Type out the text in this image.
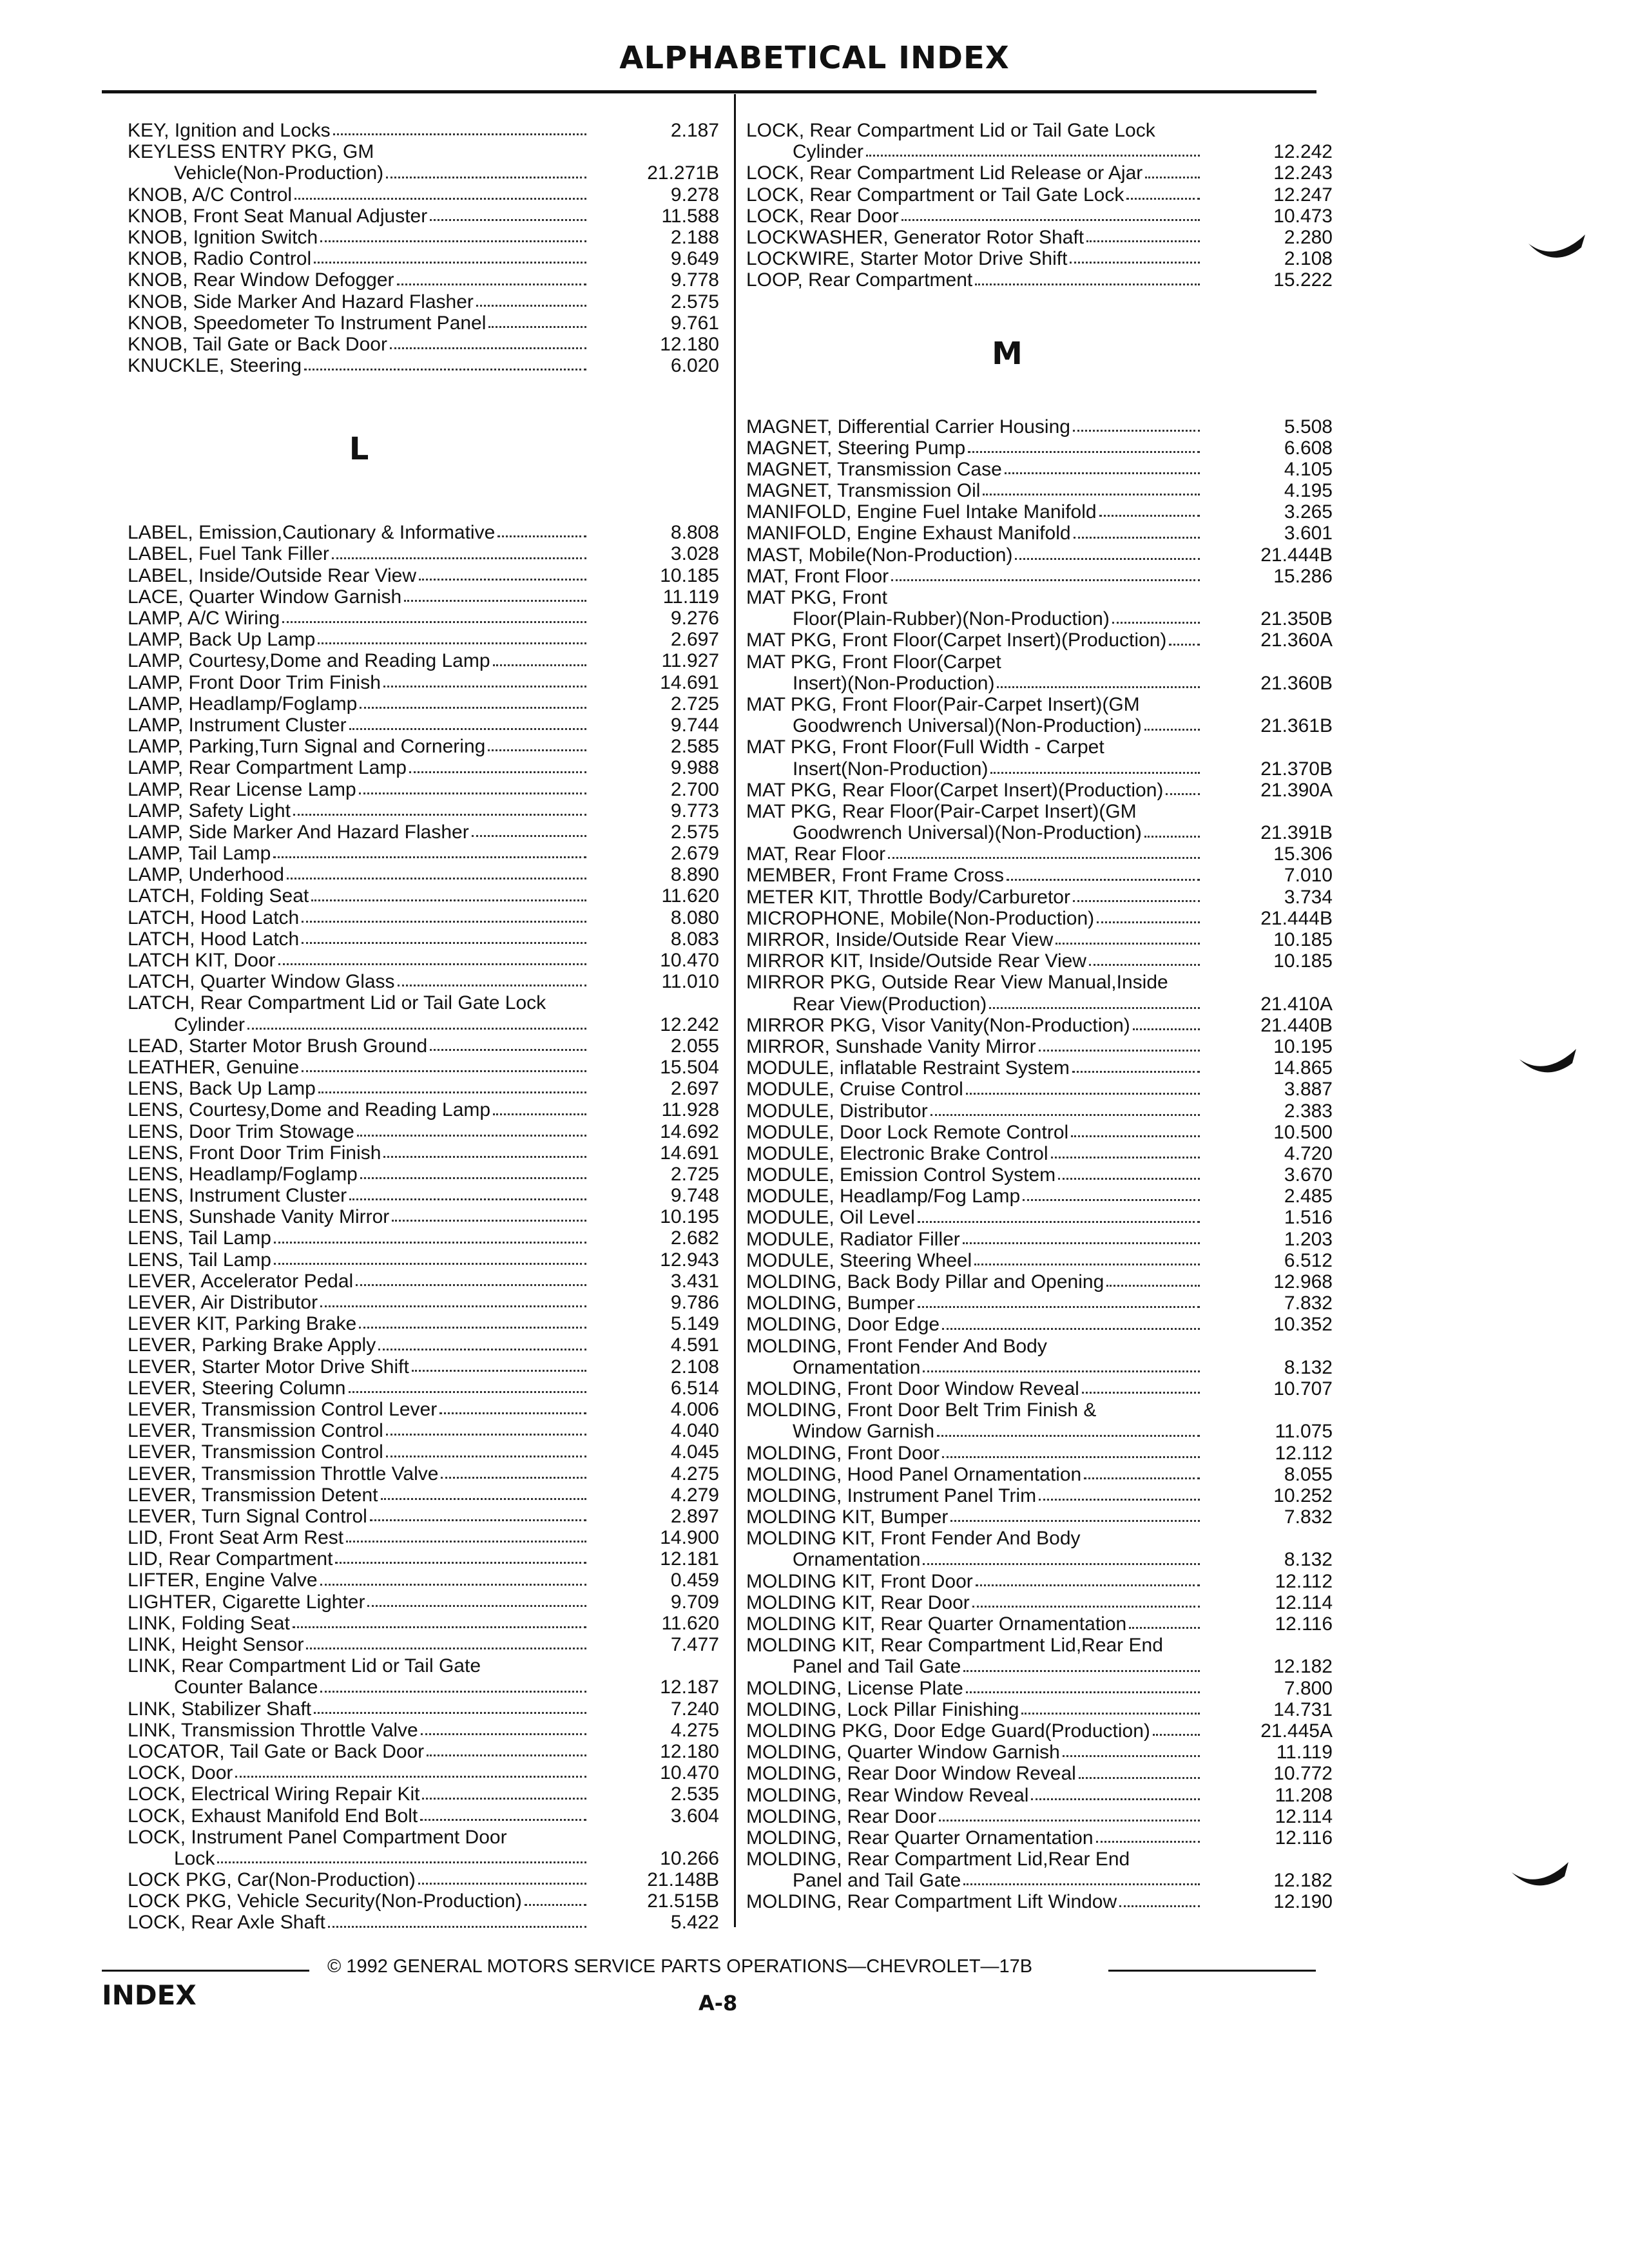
ALPHABETICAL INDEX
KEY, Ignition and Locks	2.187
KEYLESS ENTRY PKG, GM
Vehicle(Non-Production)	21.271B
KNOB, A/C Control	9.278
KNOB, Front Seat Manual Adjuster	11.588
KNOB, Ignition Switch	2.188
KNOB, Radio Control	9.649
KNOB, Rear Window Defogger	9.778
KNOB, Side Marker And Hazard Flasher	2.575
KNOB, Speedometer To Instrument Panel	9.761
KNOB, Tail Gate or Back Door	12.180
KNUCKLE, Steering	6.020
L
LABEL, Emission,Cautionary & Informative	8.808
LABEL, Fuel Tank Filler	3.028
LABEL, Inside/Outside Rear View	10.185
LACE, Quarter Window Garnish	11.119
LAMP, A/C Wiring	9.276
LAMP, Back Up Lamp	2.697
LAMP, Courtesy,Dome and Reading Lamp	11.927
LAMP, Front Door Trim Finish	14.691
LAMP, Headlamp/Foglamp	2.725
LAMP, Instrument Cluster	9.744
LAMP, Parking,Turn Signal and Cornering	2.585
LAMP, Rear Compartment Lamp	9.988
LAMP, Rear License Lamp	2.700
LAMP, Safety Light	9.773
LAMP, Side Marker And Hazard Flasher	2.575
LAMP, Tail Lamp	2.679
LAMP, Underhood	8.890
LATCH, Folding Seat	11.620
LATCH, Hood Latch	8.080
LATCH, Hood Latch	8.083
LATCH KIT, Door	10.470
LATCH, Quarter Window Glass	11.010
LATCH, Rear Compartment Lid or Tail Gate Lock
Cylinder	12.242
LEAD, Starter Motor Brush Ground	2.055
LEATHER, Genuine	15.504
LENS, Back Up Lamp	2.697
LENS, Courtesy,Dome and Reading Lamp	11.928
LENS, Door Trim Stowage	14.692
LENS, Front Door Trim Finish	14.691
LENS, Headlamp/Foglamp	2.725
LENS, Instrument Cluster	9.748
LENS, Sunshade Vanity Mirror	10.195
LENS, Tail Lamp	2.682
LENS, Tail Lamp	12.943
LEVER, Accelerator Pedal	3.431
LEVER, Air Distributor	9.786
LEVER KIT, Parking Brake	5.149
LEVER, Parking Brake Apply	4.591
LEVER, Starter Motor Drive Shift	2.108
LEVER, Steering Column	6.514
LEVER, Transmission Control Lever	4.006
LEVER, Transmission Control	4.040
LEVER, Transmission Control	4.045
LEVER, Transmission Throttle Valve	4.275
LEVER, Transmission Detent	4.279
LEVER, Turn Signal Control	2.897
LID, Front Seat Arm Rest	14.900
LID, Rear Compartment	12.181
LIFTER, Engine Valve	0.459
LIGHTER, Cigarette Lighter	9.709
LINK, Folding Seat	11.620
LINK, Height Sensor	7.477
LINK, Rear Compartment Lid or Tail Gate
Counter Balance	12.187
LINK, Stabilizer Shaft	7.240
LINK, Transmission Throttle Valve	4.275
LOCATOR, Tail Gate or Back Door	12.180
LOCK, Door	10.470
LOCK, Electrical Wiring Repair Kit	2.535
LOCK, Exhaust Manifold End Bolt	3.604
LOCK, Instrument Panel Compartment Door
Lock	10.266
LOCK PKG, Car(Non-Production)	21.148B
LOCK PKG, Vehicle Security(Non-Production)	21.515B
LOCK, Rear Axle Shaft	5.422
LOCK, Rear Compartment Lid or Tail Gate Lock
Cylinder	12.242
LOCK, Rear Compartment Lid Release or Ajar	12.243
LOCK, Rear Compartment or Tail Gate Lock	12.247
LOCK, Rear Door	10.473
LOCKWASHER, Generator Rotor Shaft	2.280
LOCKWIRE, Starter Motor Drive Shift	2.108
LOOP, Rear Compartment	15.222
M
MAGNET, Differential Carrier Housing	5.508
MAGNET, Steering Pump	6.608
MAGNET, Transmission Case	4.105
MAGNET, Transmission Oil	4.195
MANIFOLD, Engine Fuel Intake Manifold	3.265
MANIFOLD, Engine Exhaust Manifold	3.601
MAST, Mobile(Non-Production)	21.444B
MAT, Front Floor	15.286
MAT PKG, Front
Floor(Plain-Rubber)(Non-Production)	21.350B
MAT PKG, Front Floor(Carpet Insert)(Production)	21.360A
MAT PKG, Front Floor(Carpet
Insert)(Non-Production)	21.360B
MAT PKG, Front Floor(Pair-Carpet Insert)(GM
Goodwrench Universal)(Non-Production)	21.361B
MAT PKG, Front Floor(Full Width - Carpet
Insert(Non-Production)	21.370B
MAT PKG, Rear Floor(Carpet Insert)(Production)	21.390A
MAT PKG, Rear Floor(Pair-Carpet Insert)(GM
Goodwrench Universal)(Non-Production)	21.391B
MAT, Rear Floor	15.306
MEMBER, Front Frame Cross	7.010
METER KIT, Throttle Body/Carburetor	3.734
MICROPHONE, Mobile(Non-Production)	21.444B
MIRROR, Inside/Outside Rear View	10.185
MIRROR KIT, Inside/Outside Rear View	10.185
MIRROR PKG, Outside Rear View Manual,Inside
Rear View(Production)	21.410A
MIRROR PKG, Visor Vanity(Non-Production)	21.440B
MIRROR, Sunshade Vanity Mirror	10.195
MODULE, inflatable Restraint System	14.865
MODULE, Cruise Control	3.887
MODULE, Distributor	2.383
MODULE, Door Lock Remote Control	10.500
MODULE, Electronic Brake Control	4.720
MODULE, Emission Control System	3.670
MODULE, Headlamp/Fog Lamp	2.485
MODULE, Oil Level	1.516
MODULE, Radiator Filler	1.203
MODULE, Steering Wheel	6.512
MOLDING, Back Body Pillar and Opening	12.968
MOLDING, Bumper	7.832
MOLDING, Door Edge	10.352
MOLDING, Front Fender And Body
Ornamentation	8.132
MOLDING, Front Door Window Reveal	10.707
MOLDING, Front Door Belt Trim Finish &
Window Garnish	11.075
MOLDING, Front Door	12.112
MOLDING, Hood Panel Ornamentation	8.055
MOLDING, Instrument Panel Trim	10.252
MOLDING KIT, Bumper	7.832
MOLDING KIT, Front Fender And Body
Ornamentation	8.132
MOLDING KIT, Front Door	12.112
MOLDING KIT, Rear Door	12.114
MOLDING KIT, Rear Quarter Ornamentation	12.116
MOLDING KIT, Rear Compartment Lid,Rear End
Panel and Tail Gate	12.182
MOLDING, License Plate	7.800
MOLDING, Lock Pillar Finishing	14.731
MOLDING PKG, Door Edge Guard(Production)	21.445A
MOLDING, Quarter Window Garnish	11.119
MOLDING, Rear Door Window Reveal	10.772
MOLDING, Rear Window Reveal	11.208
MOLDING, Rear Door	12.114
MOLDING, Rear Quarter Ornamentation	12.116
MOLDING, Rear Compartment Lid,Rear End
Panel and Tail Gate	12.182
MOLDING, Rear Compartment Lift Window	12.190
© 1992 GENERAL MOTORS SERVICE PARTS OPERATIONS—CHEVROLET—17B
INDEX	A-8
